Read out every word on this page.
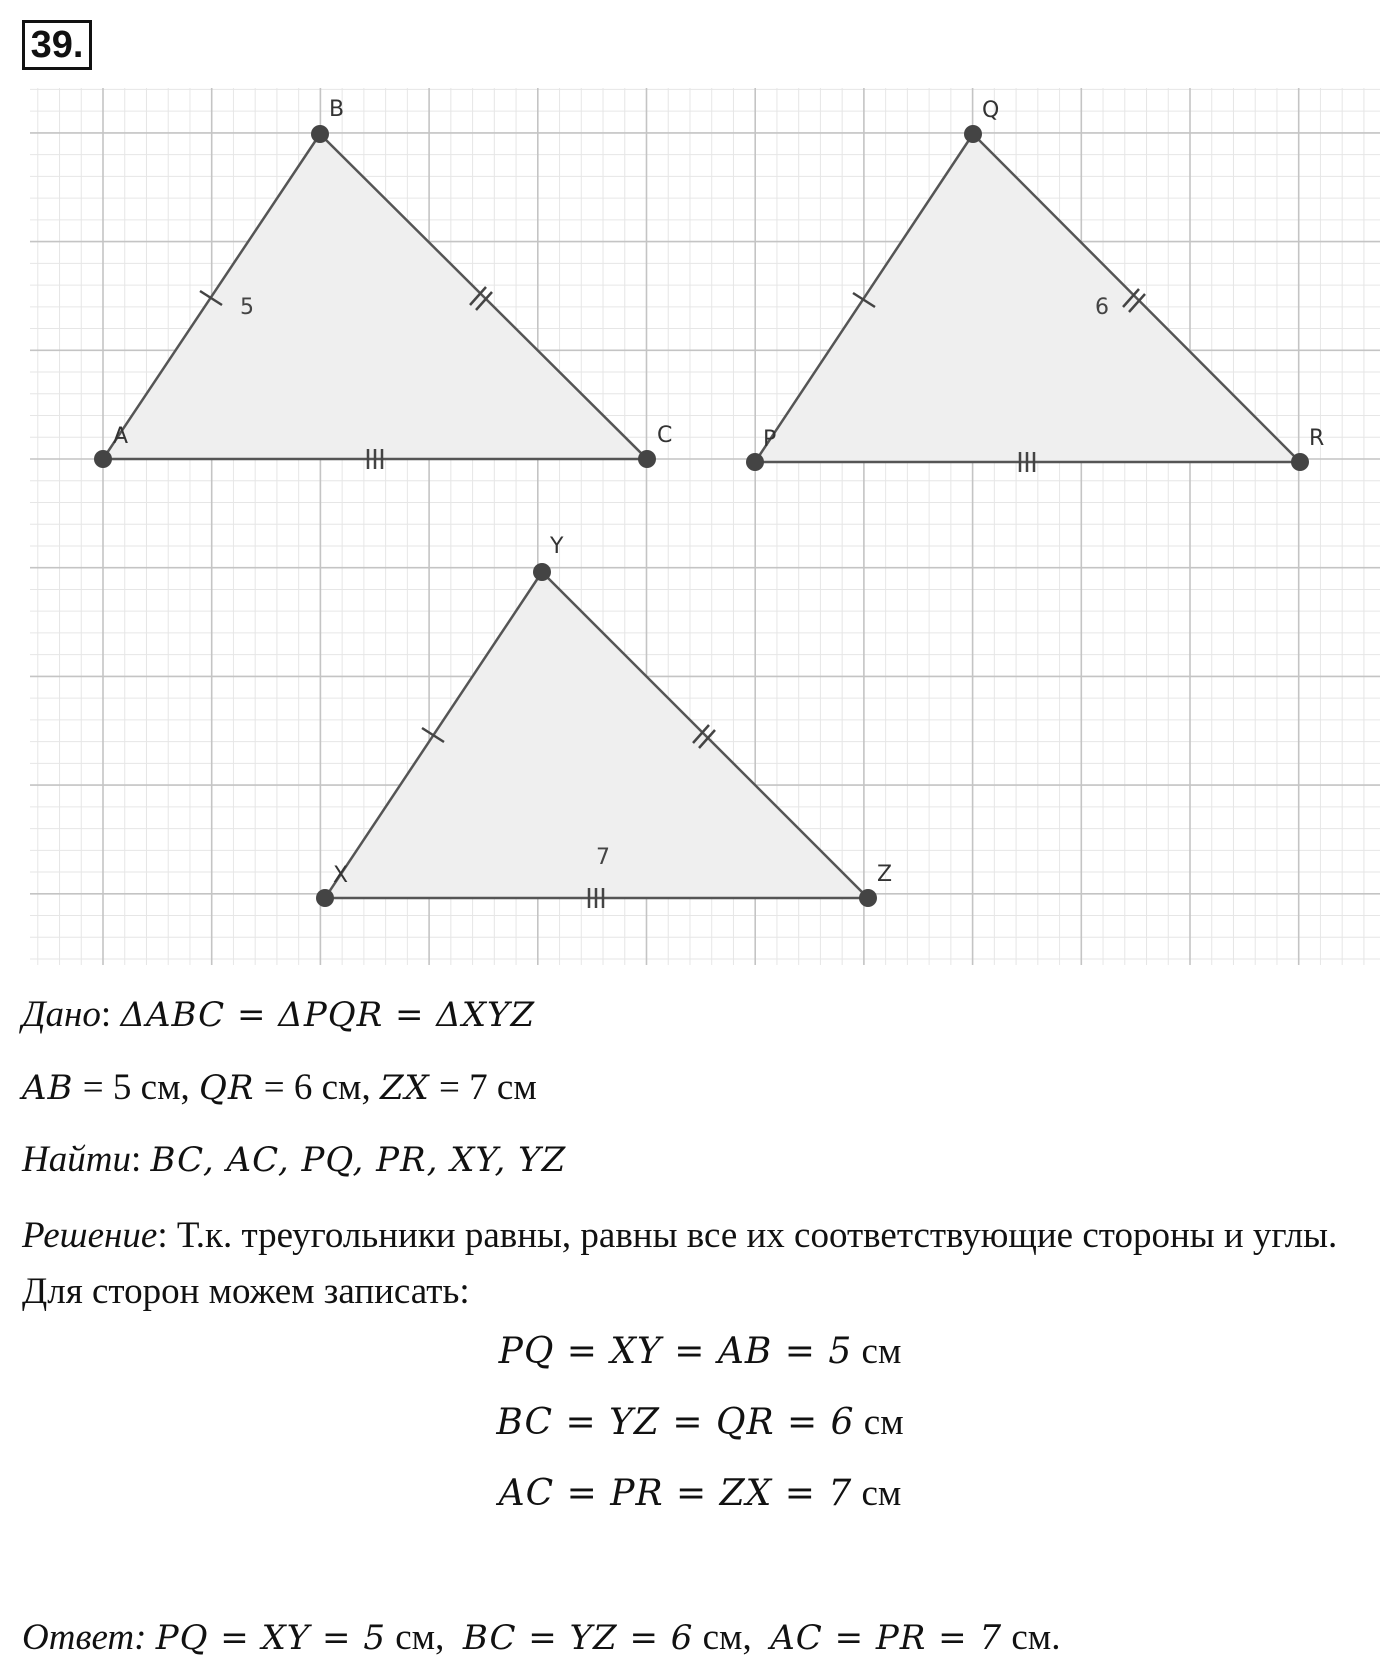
39.
A
B
C
5
P
Q
R
6
X
Y
Z
7
Дано: ΔABC = ΔPQR = ΔXYZ
AB = 5 см, QR = 6 см, ZX = 7 см
Найти: BC, AC, PQ, PR, XY, YZ
Решение: Т.к. треугольники равны, равны все их соответствующие стороны и углы. Для сторон можем записать:
PQ = XY = AB = 5 см
BC = YZ = QR = 6 см
AC = PR = ZX = 7 см
Ответ: PQ = XY = 5 см, BC = YZ = 6 см, AC = PR = 7 см.
